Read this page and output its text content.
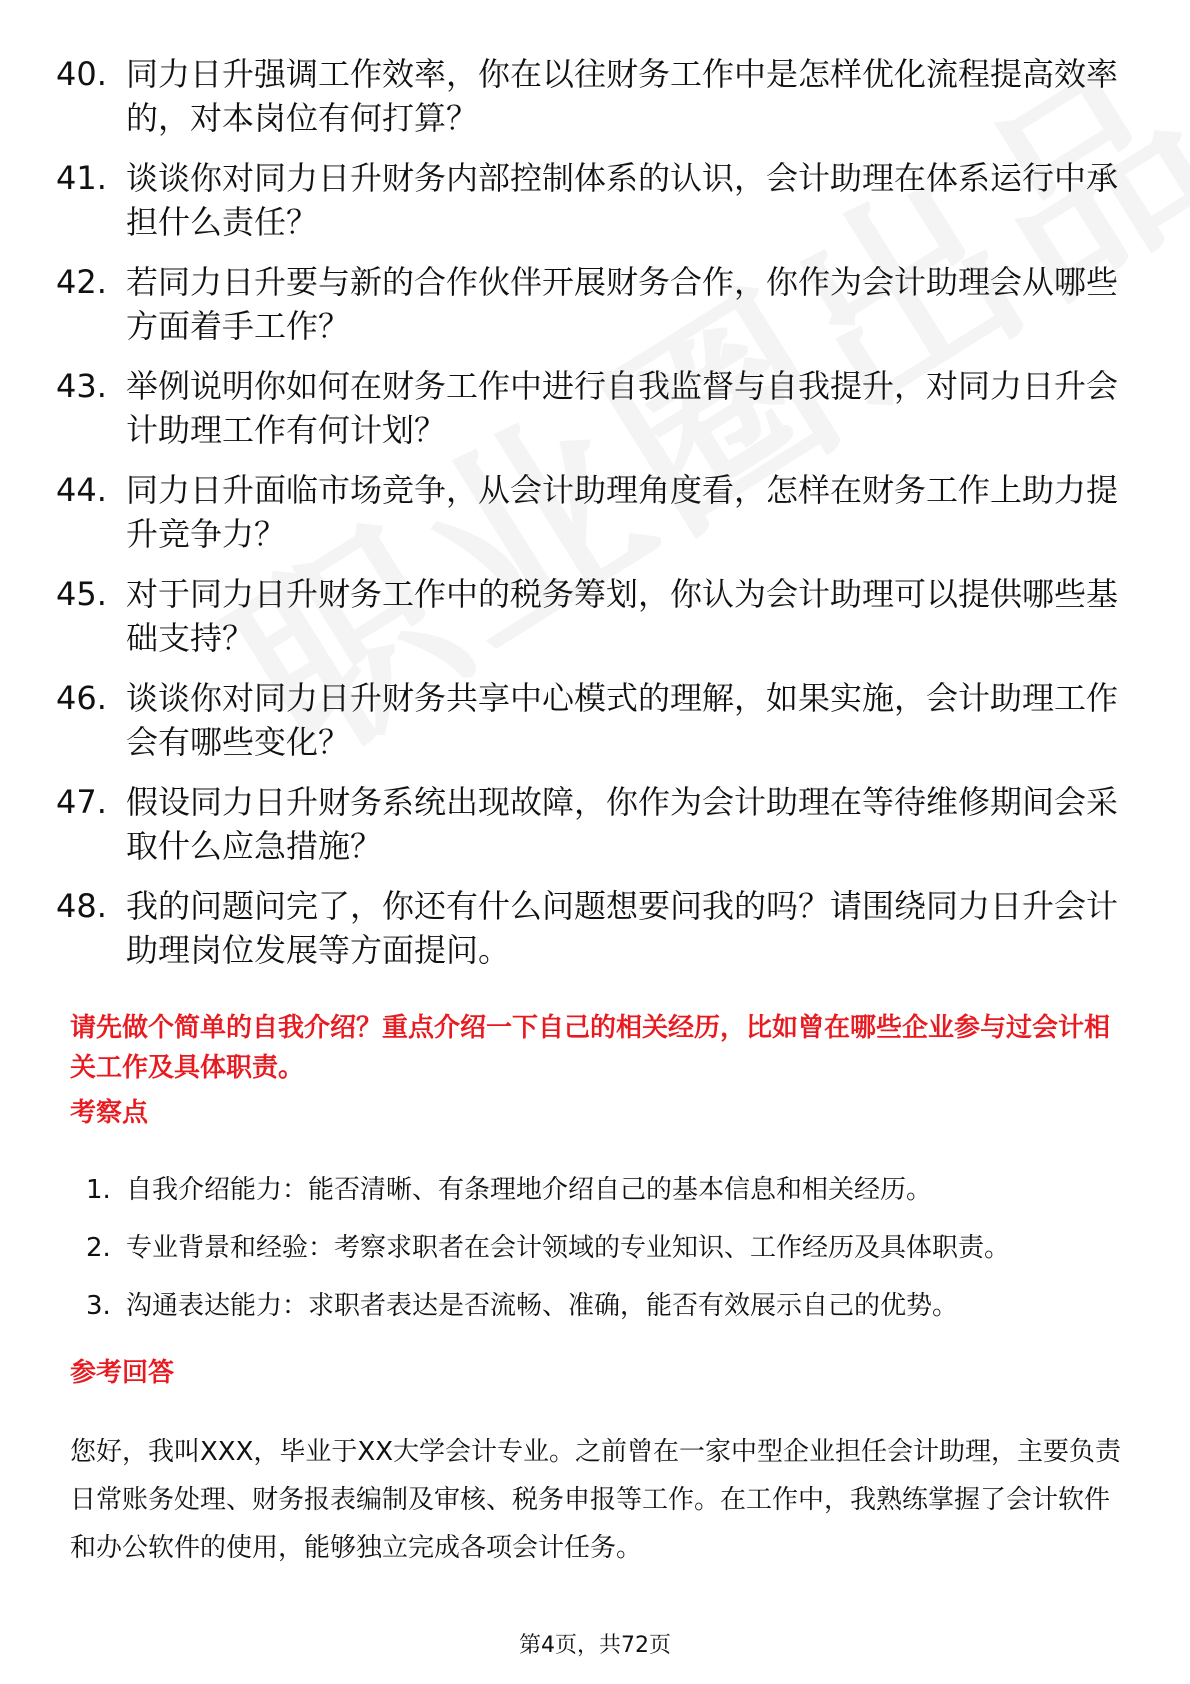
40. 同力日升强调工作效率，你在以往财务工作中是怎样优化流程提高效率的，对本岗位有何打算？
41. 谈谈你对同力日升财务内部控制体系的认识，会计助理在体系运行中承担什么责任？
42. 若同力日升要与新的合作伙伴开展财务合作，你作为会计助理会从哪些方面着手工作？
43. 举例说明你如何在财务工作中进行自我监督与自我提升，对同力日升会计助理工作有何计划？
44. 同力日升面临市场竞争，从会计助理角度看，怎样在财务工作上助力提升竞争力？
45. 对于同力日升财务工作中的税务筹划，你认为会计助理可以提供哪些基础支持？
46. 谈谈你对同力日升财务共享中心模式的理解，如果实施，会计助理工作会有哪些变化？
47. 假设同力日升财务系统出现故障，你作为会计助理在等待维修期间会采取什么应急措施？
48. 我的问题问完了，你还有什么问题想要问我的吗？请围绕同力日升会计助理岗位发展等方面提问。
请先做个简单的自我介绍？重点介绍一下自己的相关经历，比如曾在哪些企业参与过会计相关工作及具体职责。
考察点
1. 自我介绍能力：能否清晰、有条理地介绍自己的基本信息和相关经历。
2. 专业背景和经验：考察求职者在会计领域的专业知识、工作经历及具体职责。
3. 沟通表达能力：求职者表达是否流畅、准确，能否有效展示自己的优势。
参考回答
您好，我叫XXX，毕业于XX大学会计专业。之前曾在一家中型企业担任会计助理，主要负责日常账务处理、财务报表编制及审核、税务申报等工作。在工作中，我熟练掌握了会计软件和办公软件的使用，能够独立完成各项会计任务。
第4页，共72页
